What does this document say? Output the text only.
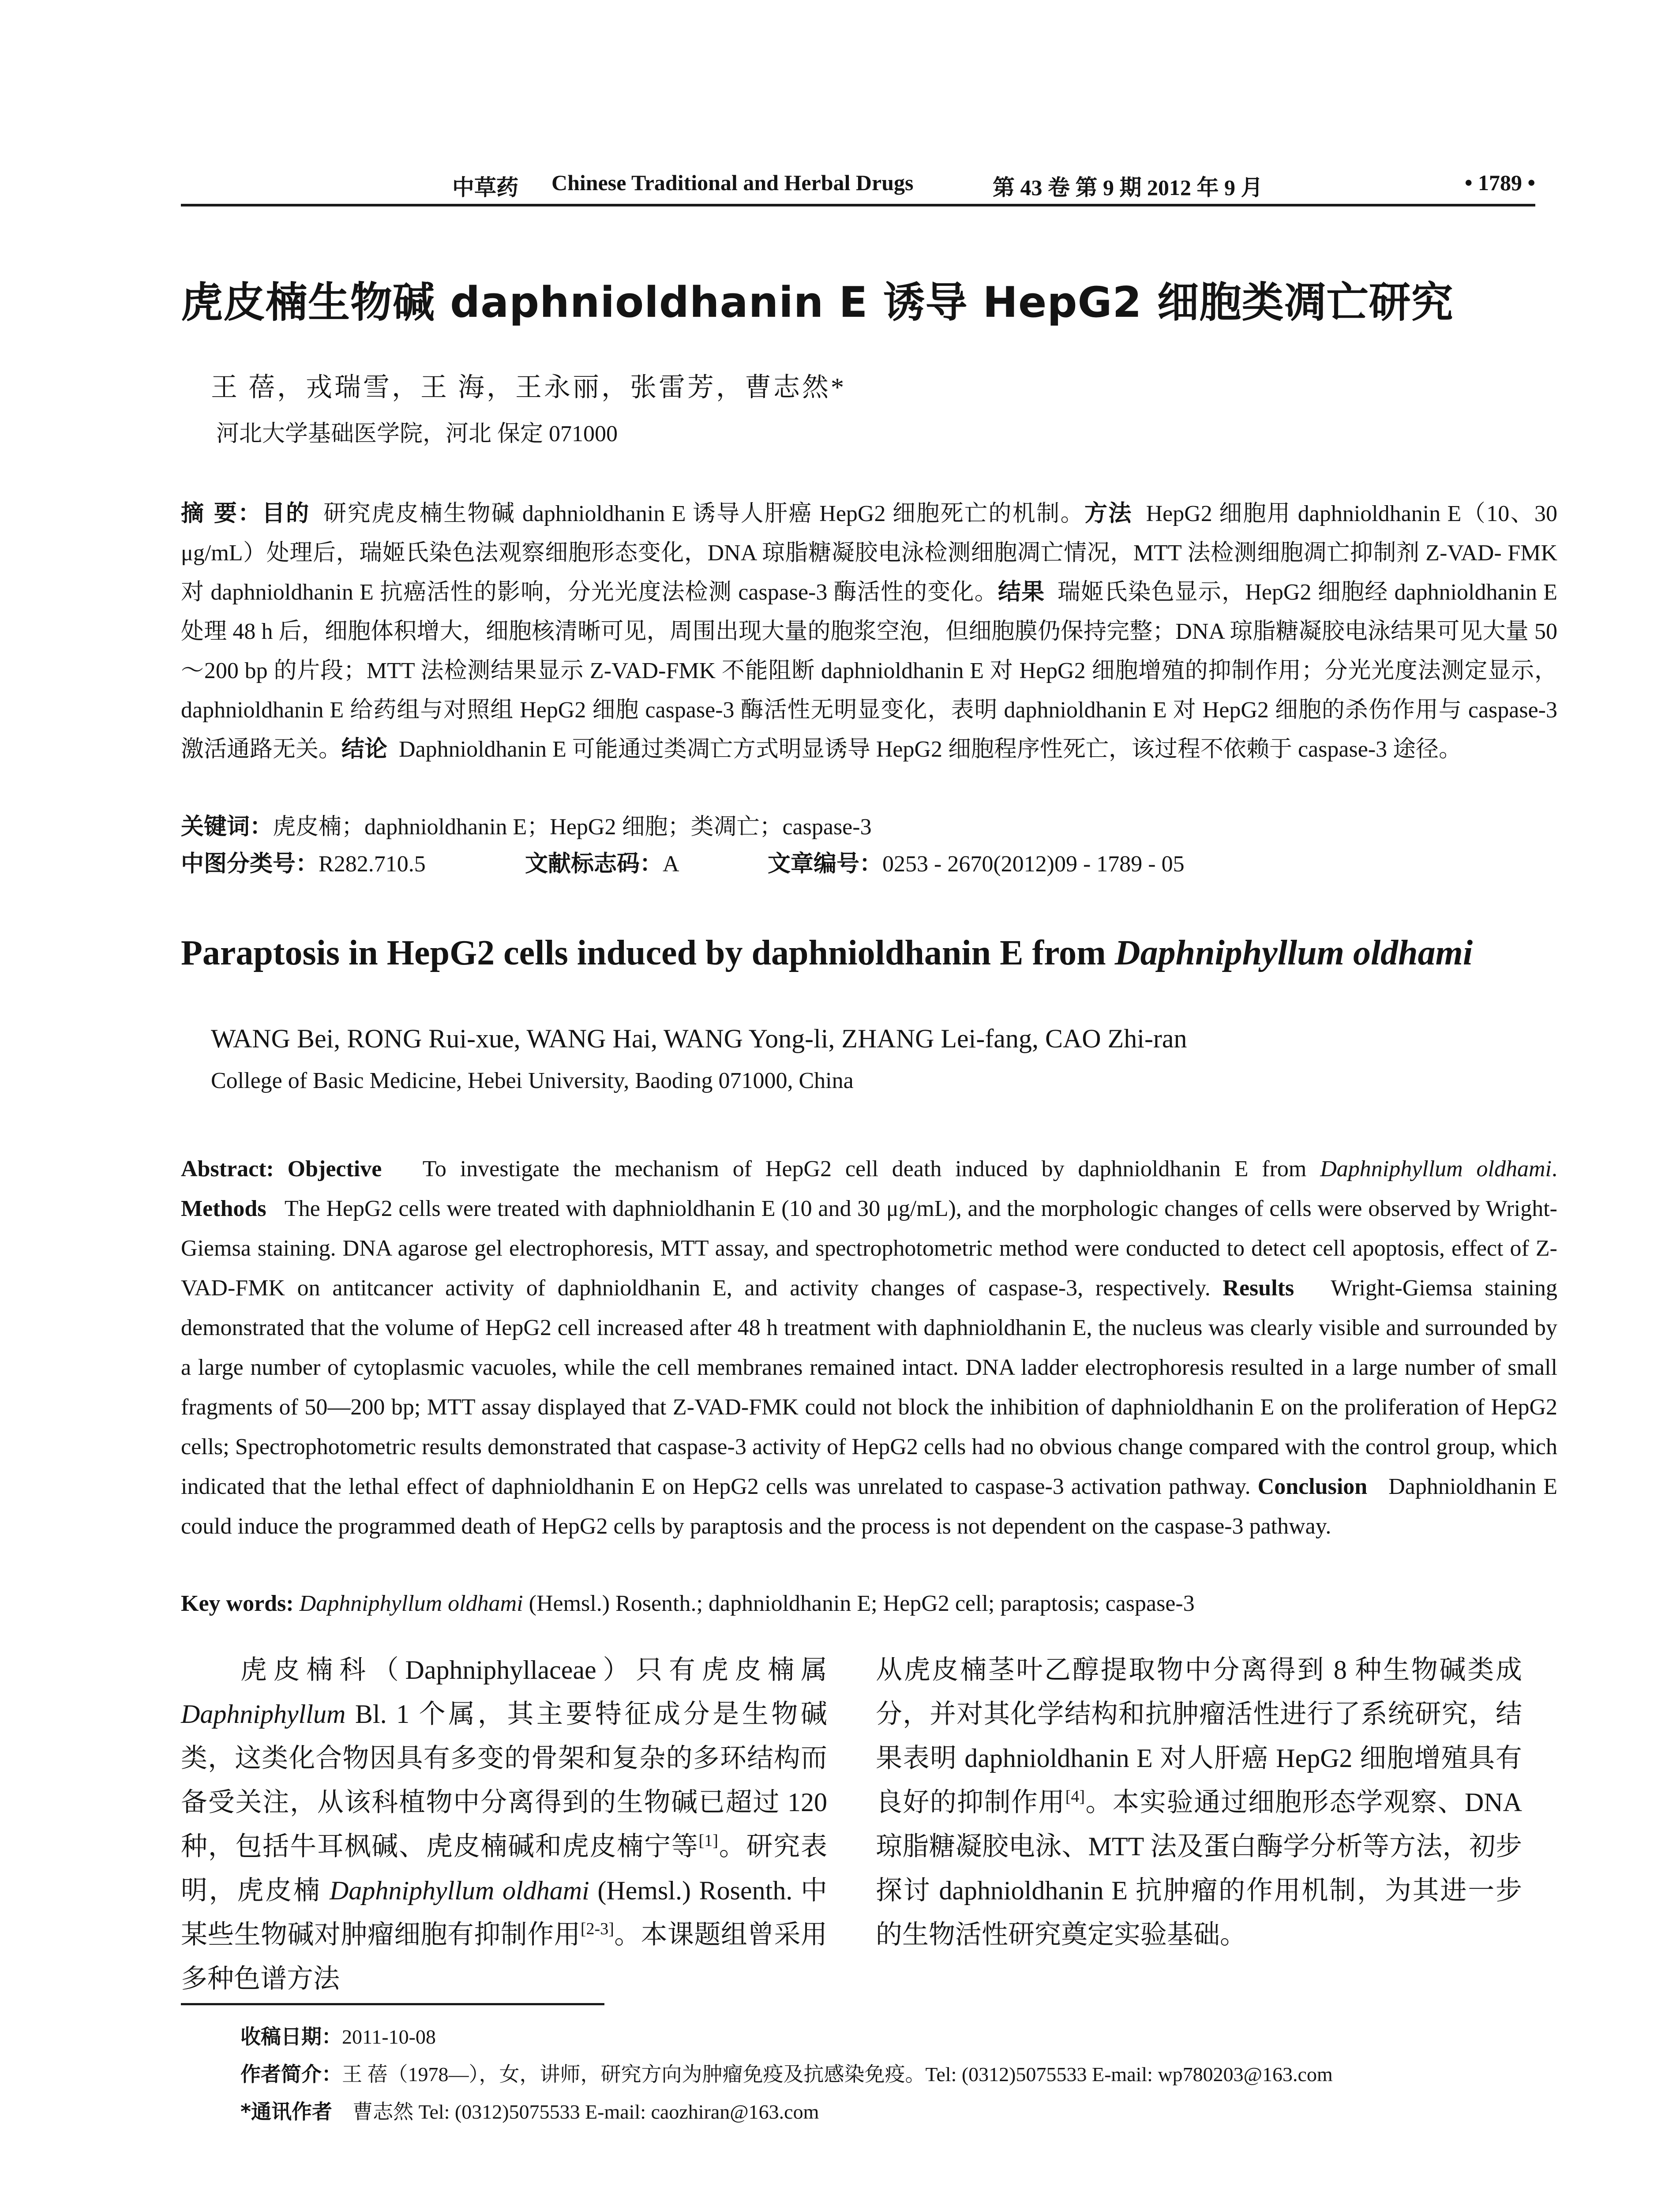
中草药 Chinese Traditional and Herbal Drugs	第 43 卷 第 9 期 2012 年 9 月	• 1789 •
虎皮楠生物碱 daphnioldhanin E 诱导 HepG2 细胞类凋亡研究
王 蓓，戎瑞雪，王 海，王永丽，张雷芳，曹志然*
河北大学基础医学院，河北 保定 071000
摘 要：目的 研究虎皮楠生物碱 daphnioldhanin E 诱导人肝癌 HepG2 细胞死亡的机制。方法 HepG2 细胞用 daphnioldhanin E（10、30 μg/mL）处理后，瑞姬氏染色法观察细胞形态变化，DNA 琼脂糖凝胶电泳检测细胞凋亡情况，MTT 法检测细胞凋亡抑制剂 Z-VAD- FMK 对 daphnioldhanin E 抗癌活性的影响，分光光度法检测 caspase-3 酶活性的变化。结果 瑞姬氏染色显示，HepG2 细胞经 daphnioldhanin E 处理 48 h 后，细胞体积增大，细胞核清晰可见，周围出现大量的胞浆空泡，但细胞膜仍保持完整；DNA 琼脂糖凝胶电泳结果可见大量 50～200 bp 的片段；MTT 法检测结果显示 Z-VAD-FMK 不能阻断 daphnioldhanin E 对 HepG2 细胞增殖的抑制作用；分光光度法测定显示，daphnioldhanin E 给药组与对照组 HepG2 细胞 caspase-3 酶活性无明显变化，表明 daphnioldhanin E 对 HepG2 细胞的杀伤作用与 caspase-3 激活通路无关。结论 Daphnioldhanin E 可能通过类凋亡方式明显诱导 HepG2 细胞程序性死亡，该过程不依赖于 caspase-3 途径。
关键词：虎皮楠；daphnioldhanin E；HepG2 细胞；类凋亡；caspase-3
中图分类号：R282.710.5	文献标志码：A	文章编号：0253 - 2670(2012)09 - 1789 - 05
Paraptosis in HepG2 cells induced by daphnioldhanin E from Daphniphyllum oldhami
WANG Bei, RONG Rui-xue, WANG Hai, WANG Yong-li, ZHANG Lei-fang, CAO Zhi-ran
College of Basic Medicine, Hebei University, Baoding 071000, China
Abstract: Objective To investigate the mechanism of HepG2 cell death induced by daphnioldhanin E from Daphniphyllum oldhami. Methods The HepG2 cells were treated with daphnioldhanin E (10 and 30 μg/mL), and the morphologic changes of cells were observed by Wright-Giemsa staining. DNA agarose gel electrophoresis, MTT assay, and spectrophotometric method were conducted to detect cell apoptosis, effect of Z-VAD-FMK on antitcancer activity of daphnioldhanin E, and activity changes of caspase-3, respectively. Results Wright-Giemsa staining demonstrated that the volume of HepG2 cell increased after 48 h treatment with daphnioldhanin E, the nucleus was clearly visible and surrounded by a large number of cytoplasmic vacuoles, while the cell membranes remained intact. DNA ladder electrophoresis resulted in a large number of small fragments of 50—200 bp; MTT assay displayed that Z-VAD-FMK could not block the inhibition of daphnioldhanin E on the proliferation of HepG2 cells; Spectrophotometric results demonstrated that caspase-3 activity of HepG2 cells had no obvious change compared with the control group, which indicated that the lethal effect of daphnioldhanin E on HepG2 cells was unrelated to caspase-3 activation pathway. Conclusion Daphnioldhanin E could induce the programmed death of HepG2 cells by paraptosis and the process is not dependent on the caspase-3 pathway.
Key words: Daphniphyllum oldhami (Hemsl.) Rosenth.; daphnioldhanin E; HepG2 cell; paraptosis; caspase-3
  虎皮楠科（Daphniphyllaceae）只有虎皮楠属 Daphniphyllum Bl. 1 个属，其主要特征成分是生物碱类，这类化合物因具有多变的骨架和复杂的多环结构而备受关注，从该科植物中分离得到的生物碱已超过 120 种，包括牛耳枫碱、虎皮楠碱和虎皮楠宁等[1]。研究表明，虎皮楠 Daphniphyllum oldhami (Hemsl.) Rosenth. 中某些生物碱对肿瘤细胞有抑制作用[2-3]。本课题组曾采用多种色谱方法
从虎皮楠茎叶乙醇提取物中分离得到 8 种生物碱类成分，并对其化学结构和抗肿瘤活性进行了系统研究，结果表明 daphnioldhanin E 对人肝癌 HepG2 细胞增殖具有良好的抑制作用[4]。本实验通过细胞形态学观察、DNA 琼脂糖凝胶电泳、MTT 法及蛋白酶学分析等方法，初步探讨 daphnioldhanin E 抗肿瘤的作用机制，为其进一步的生物活性研究奠定实验基础。
收稿日期：2011-10-08
作者简介：王 蓓（1978—），女，讲师，研究方向为肿瘤免疫及抗感染免疫。Tel: (0312)5075533 E-mail: wp780203@163.com
*通讯作者 曹志然 Tel: (0312)5075533 E-mail: caozhiran@163.com
